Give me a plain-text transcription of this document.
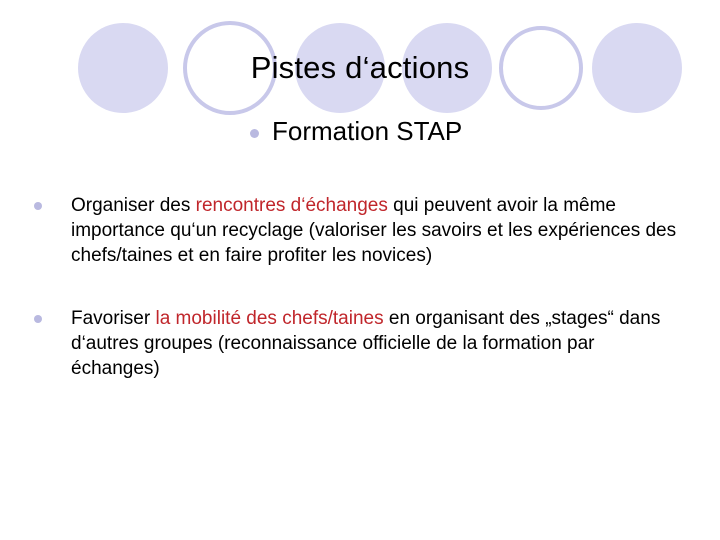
Pistes d‘actions
Formation STAP
Organiser des rencontres d‘échanges qui peuvent avoir la même importance qu‘un recyclage (valoriser les savoirs et les expériences des chefs/taines et en faire profiter les novices)
Favoriser la mobilité des chefs/taines en organisant des „stages“ dans d‘autres groupes (reconnaissance officielle de la formation par échanges)
